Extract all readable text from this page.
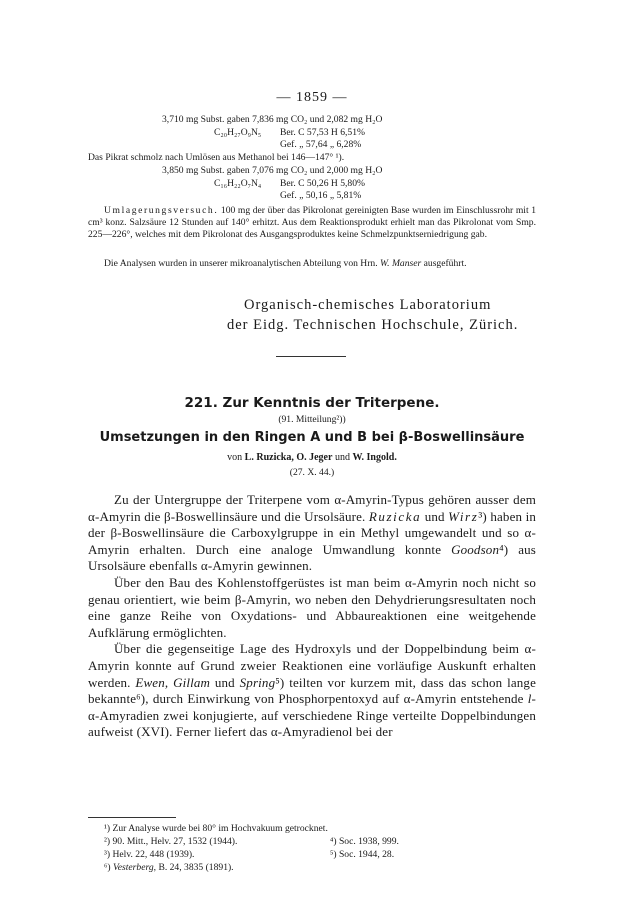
— 1859 —
3,710 mg Subst. gaben 7,836 mg CO₂ und 2,082 mg H₂O
C₂₀H₂₇O₉N₅ Ber. C 57,53 H 6,51%
Gef. „ 57,64 „ 6,28%
Das Pikrat schmolz nach Umlösen aus Methanol bei 146—147° ¹).
3,850 mg Subst. gaben 7,076 mg CO₂ und 2,000 mg H₂O
C₁₆H₂₂O₇N₄ Ber. C 50,26 H 5,80%
Gef. „ 50,16 „ 5,81%

Umlagerungsversuch. 100 mg der über das Pikrolonat gereinigten Base wurden im Einschlussrohr mit 1 cm³ konz. Salzsäure 12 Stunden auf 140° erhitzt. Aus dem Reaktionsprodukt erhielt man das Pikrolonat vom Smp. 225—226°, welches mit dem Pikrolonat des Ausgangsproduktes keine Schmelzpunktserniedrigung gab.

Die Analysen wurden in unserer mikroanalytischen Abteilung von Hrn. W. Manser ausgeführt.

Organisch-chemisches Laboratorium
der Eidg. Technischen Hochschule, Zürich.
221. Zur Kenntnis der Triterpene.
(91. Mitteilung²))
Umsetzungen in den Ringen A und B bei β-Boswellinsäure
von L. Ruzicka, O. Jeger und W. Ingold.
(27. X. 44.)

Zu der Untergruppe der Triterpene vom α-Amyrin-Typus gehören ausser dem α-Amyrin die β-Boswellinsäure und die Ursolsäure. Ruzicka und Wirz³) haben in der β-Boswellinsäure die Carboxylgruppe in ein Methyl umgewandelt und so α-Amyrin erhalten. Durch eine analoge Umwandlung konnte Goodson⁴) aus Ursolsäure ebenfalls α-Amyrin gewinnen.

Über den Bau des Kohlenstoffgerüstes ist man beim α-Amyrin noch nicht so genau orientiert, wie beim β-Amyrin, wo neben den Dehydrierungsresultaten noch eine ganze Reihe von Oxydations- und Abbaureaktionen eine weitgehende Aufklärung ermöglichten.

Über die gegenseitige Lage des Hydroxyls und der Doppelbindung beim α-Amyrin konnte auf Grund zweier Reaktionen eine vorläufige Auskunft erhalten werden. Ewen, Gillam und Spring⁵) teilten vor kurzem mit, dass das schon lange bekannte⁶), durch Einwirkung von Phosphorpentoxyd auf α-Amyrin entstehende l-α-Amyradien zwei konjugierte, auf verschiedene Ringe verteilte Doppelbindungen aufweist (XVI). Ferner liefert das α-Amyradienol bei der

¹) Zur Analyse wurde bei 80° im Hochvakuum getrocknet.
²) 90. Mitt., Helv. 27, 1532 (1944).	⁴) Soc. 1938, 999.
³) Helv. 22, 448 (1939).	⁵) Soc. 1944, 28.
⁶) Vesterberg, B. 24, 3835 (1891).
